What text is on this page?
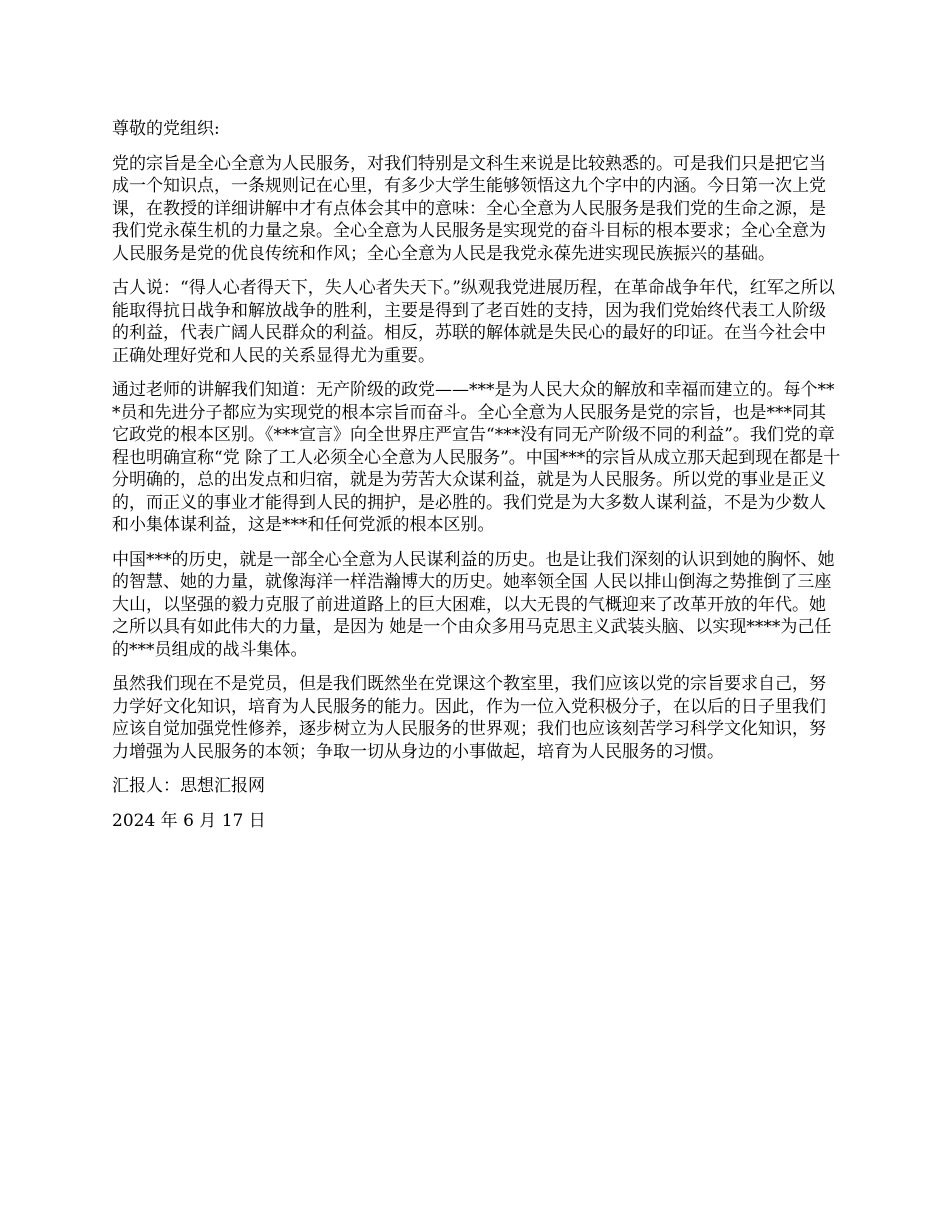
尊敬的党组织:

党的宗旨是全心全意为人民服务，对我们特别是文科生来说是比较熟悉的。可是我们只是把它当成一个知识点，一条规则记在心里，有多少大学生能够领悟这九个字中的内涵。今日第一次上党课，在教授的详细讲解中才有点体会其中的意味：全心全意为人民服务是我们党的生命之源，是我们党永葆生机的力量之泉。全心全意为人民服务是实现党的奋斗目标的根本要求；全心全意为人民服务是党的优良传统和作风；全心全意为人民是我党永葆先进实现民族振兴的基础。

古人说：“得人心者得天下，失人心者失天下。”纵观我党进展历程，在革命战争年代，红军之所以能取得抗日战争和解放战争的胜利，主要是得到了老百姓的支持，因为我们党始终代表工人阶级的利益，代表广阔人民群众的利益。相反，苏联的解体就是失民心的最好的印证。在当今社会中正确处理好党和人民的关系显得尤为重要。

通过老师的讲解我们知道：无产阶级的政党——***是为人民大众的解放和幸福而建立的。每个***员和先进分子都应为实现党的根本宗旨而奋斗。全心全意为人民服务是党的宗旨，也是***同其它政党的根本区别。《***宣言》向全世界庄严宣告“***没有同无产阶级不同的利益”。我们党的章程也明确宣称“党 除了工人必须全心全意为人民服务”。中国***的宗旨从成立那天起到现在都是十分明确的，总的出发点和归宿，就是为劳苦大众谋利益，就是为人民服务。所以党的事业是正义的，而正义的事业才能得到人民的拥护，是必胜的。我们党是为大多数人谋利益，不是为少数人和小集体谋利益，这是***和任何党派的根本区别。

中国***的历史，就是一部全心全意为人民谋利益的历史。也是让我们深刻的认识到她的胸怀、她的智慧、她的力量，就像海洋一样浩瀚博大的历史。她率领全国 人民以排山倒海之势推倒了三座大山，以坚强的毅力克服了前进道路上的巨大困难，以大无畏的气概迎来了改革开放的年代。她之所以具有如此伟大的力量，是因为 她是一个由众多用马克思主义武装头脑、以实现****为己任的***员组成的战斗集体。

虽然我们现在不是党员，但是我们既然坐在党课这个教室里，我们应该以党的宗旨要求自己，努力学好文化知识，培育为人民服务的能力。因此，作为一位入党积极分子，在以后的日子里我们应该自觉加强党性修养，逐步树立为人民服务的世界观；我们也应该刻苦学习科学文化知识，努力增强为人民服务的本领；争取一切从身边的小事做起，培育为人民服务的习惯。

汇报人：思想汇报网

2024 年 6 月 17 日
